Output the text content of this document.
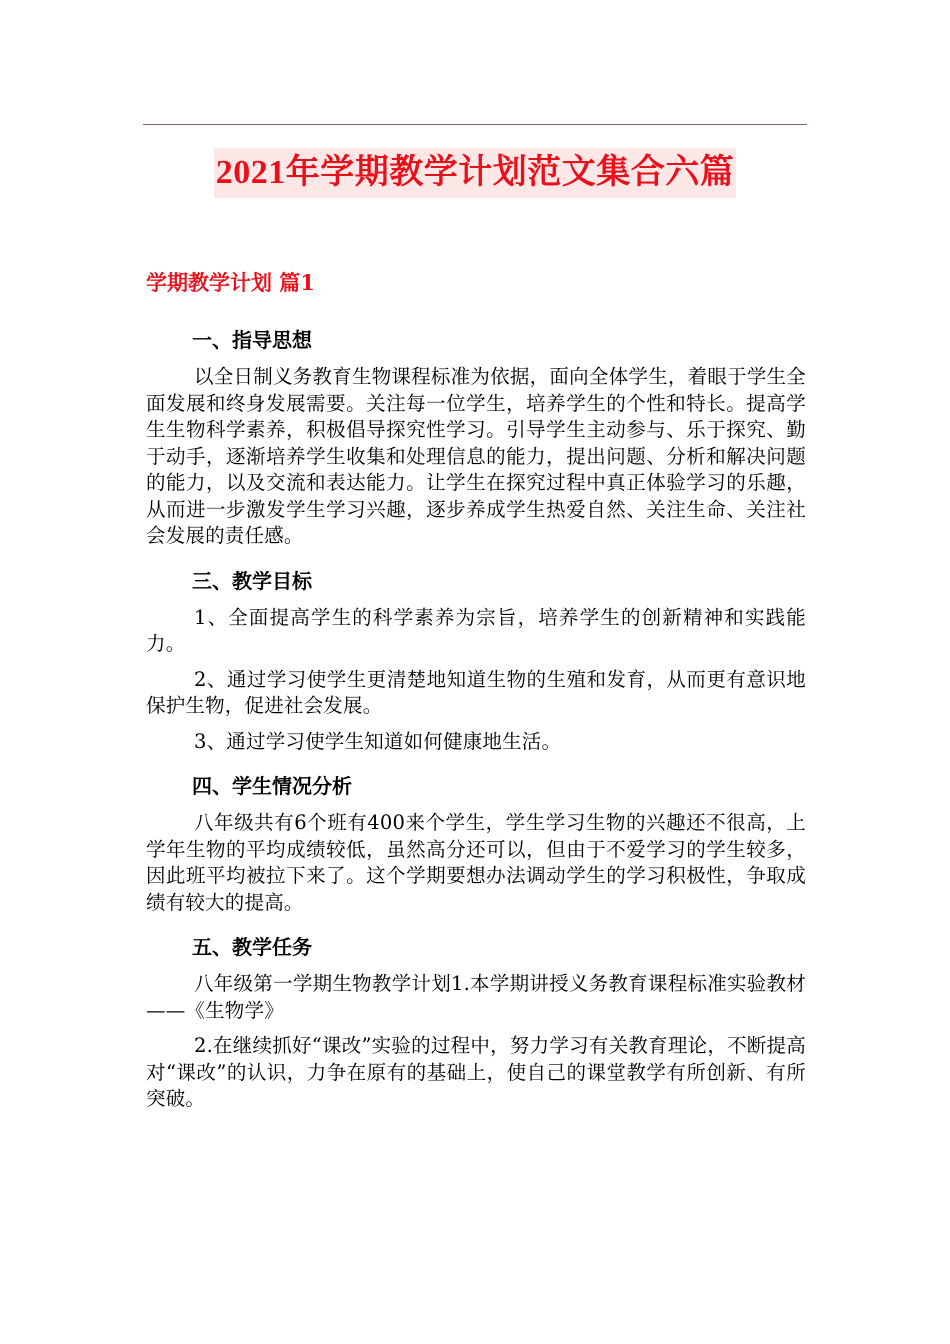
2021年学期教学计划范文集合六篇
学期教学计划 篇1
一、指导思想

以全日制义务教育生物课程标准为依据，面向全体学生，着眼于学生全面发展和终身发展需要。关注每一位学生，培养学生的个性和特长。提高学生生物科学素养，积极倡导探究性学习。引导学生主动参与、乐于探究、勤于动手，逐渐培养学生收集和处理信息的能力，提出问题、分析和解决问题的能力，以及交流和表达能力。让学生在探究过程中真正体验学习的乐趣，从而进一步激发学生学习兴趣，逐步养成学生热爱自然、关注生命、关注社会发展的责任感。

三、教学目标

1、全面提高学生的科学素养为宗旨，培养学生的创新精神和实践能力。

2、通过学习使学生更清楚地知道生物的生殖和发育，从而更有意识地保护生物，促进社会发展。

3、通过学习使学生知道如何健康地生活。

四、学生情况分析

八年级共有6个班有400来个学生，学生学习生物的兴趣还不很高，上学年生物的平均成绩较低，虽然高分还可以，但由于不爱学习的学生较多，因此班平均被拉下来了。这个学期要想办法调动学生的学习积极性，争取成绩有较大的提高。

五、教学任务

八年级第一学期生物教学计划1.本学期讲授义务教育课程标准实验教材——《生物学》

2.在继续抓好“课改”实验的过程中，努力学习有关教育理论，不断提高对“课改”的认识，力争在原有的基础上，使自己的课堂教学有所创新、有所突破。
